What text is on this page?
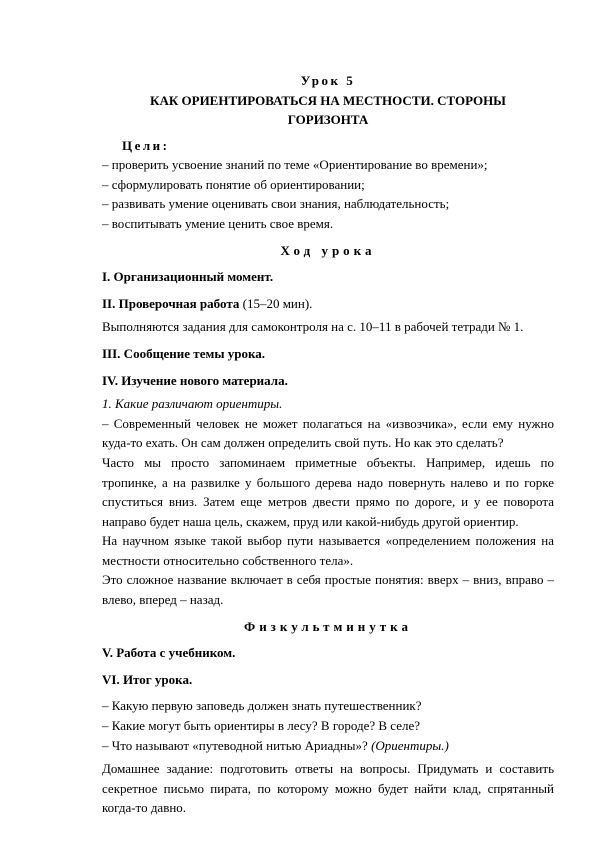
Урок 5

КАК ОРИЕНТИРОВАТЬСЯ НА МЕСТНОСТИ. СТОРОНЫ

ГОРИЗОНТА

Цели:

– проверить усвоение знаний по теме «Ориентирование во времени»;

– сформулировать понятие об ориентировании;

– развивать умение оценивать свои знания, наблюдательность;

– воспитывать умение ценить свое время.

Ход урока

I. Организационный момент.

II. Проверочная работа (15–20 мин).

Выполняются задания для самоконтроля на с. 10–11 в рабочей тетради № 1.

III. Сообщение темы урока.

IV. Изучение нового материала.

1. Какие различают ориентиры.

– Современный человек не может полагаться на «извозчика», если ему нужно куда-то ехать. Он сам должен определить свой путь. Но как это сделать?

Часто мы просто запоминаем приметные объекты. Например, идешь по тропинке, а на развилке у большого дерева надо повернуть налево и по горке спуститься вниз. Затем еще метров двести прямо по дороге, и у ее поворота направо будет наша цель, скажем, пруд или какой-нибудь другой ориентир.

На научном языке такой выбор пути называется «определением положения на местности относительно собственного тела».

Это сложное название включает в себя простые понятия: вверх – вниз, вправо – влево, вперед – назад.

Физкультминутка

V. Работа с учебником.

VI. Итог урока.

– Какую первую заповедь должен знать путешественник?

– Какие могут быть ориентиры в лесу? В городе? В селе?

– Что называют «путеводной нитью Ариадны»? (Ориентиры.)

Домашнее задание: подготовить ответы на вопросы. Придумать и составить секретное письмо пирата, по которому можно будет найти клад, спрятанный когда-то давно.
